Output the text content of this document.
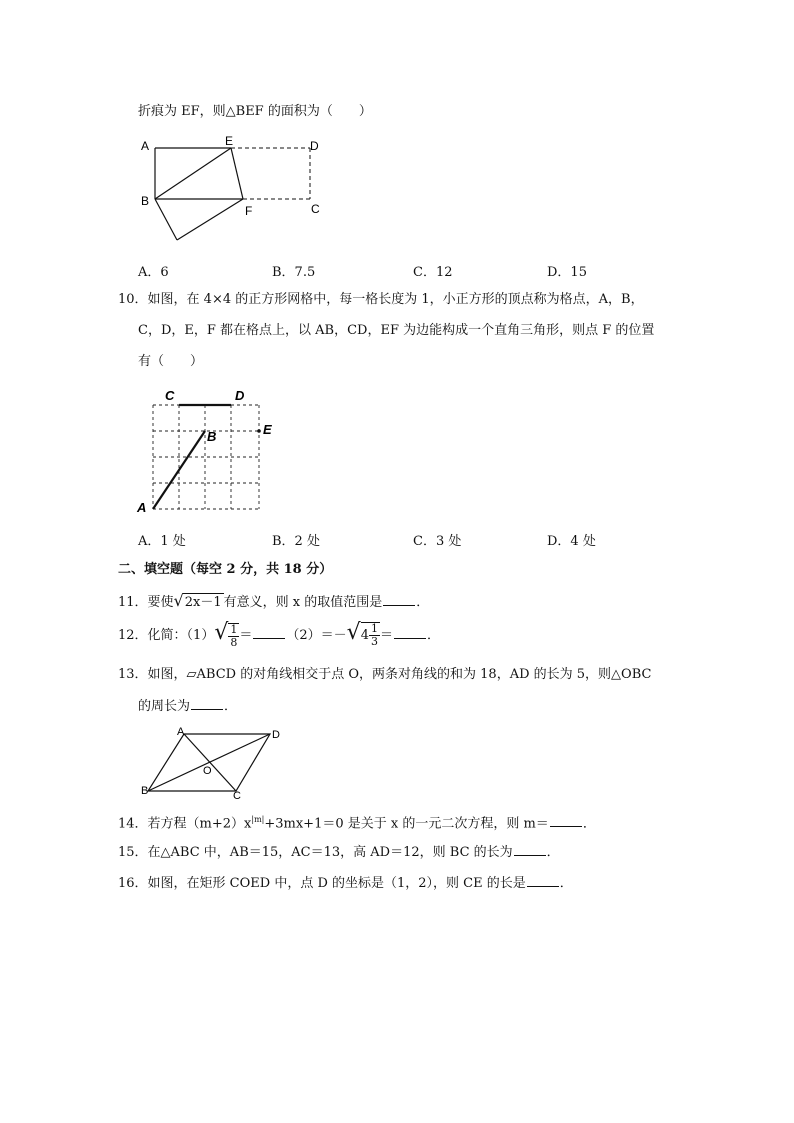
折痕为 EF，则△BEF 的面积为（　　）
A	E	D
B
F	C
A．6	B．7.5	C．12	D．15
10．如图，在 4×4 的正方形网格中，每一格长度为 1，小正方形的顶点称为格点，A，B，
C，D，E，F 都在格点上，以 AB，CD，EF 为边能构成一个直角三角形，则点 F 的位置
有（　　）
C	D
B	E
A
A．1 处	B．2 处	C．3 处	D．4 处
二、填空题（每空 2 分，共 18 分）
11．要使√2x－1 有意义，则 x 的取值范围是	．
12．化简：$(1)√ \frac{1}{8}$ ＝	$(2)=-√4 \frac{1}{3}$ ＝	．
13．如图，▱ABCD 的对角线相交于点 O，两条对角线的和为 18，AD 的长为 5，则△OBC
的周长为	．
A	D
O
B	C
14．若方程$(m+2)x^{|m|}+3mx+1=0$ 是关于 x 的一元二次方程，则 m＝	．
15．在△ABC 中，AB＝15，AC＝13，高 AD＝12，则 BC 的长为	．
16．如图，在矩形 COED 中，点 D 的坐标是（1，2），则 CE 的长是	．
